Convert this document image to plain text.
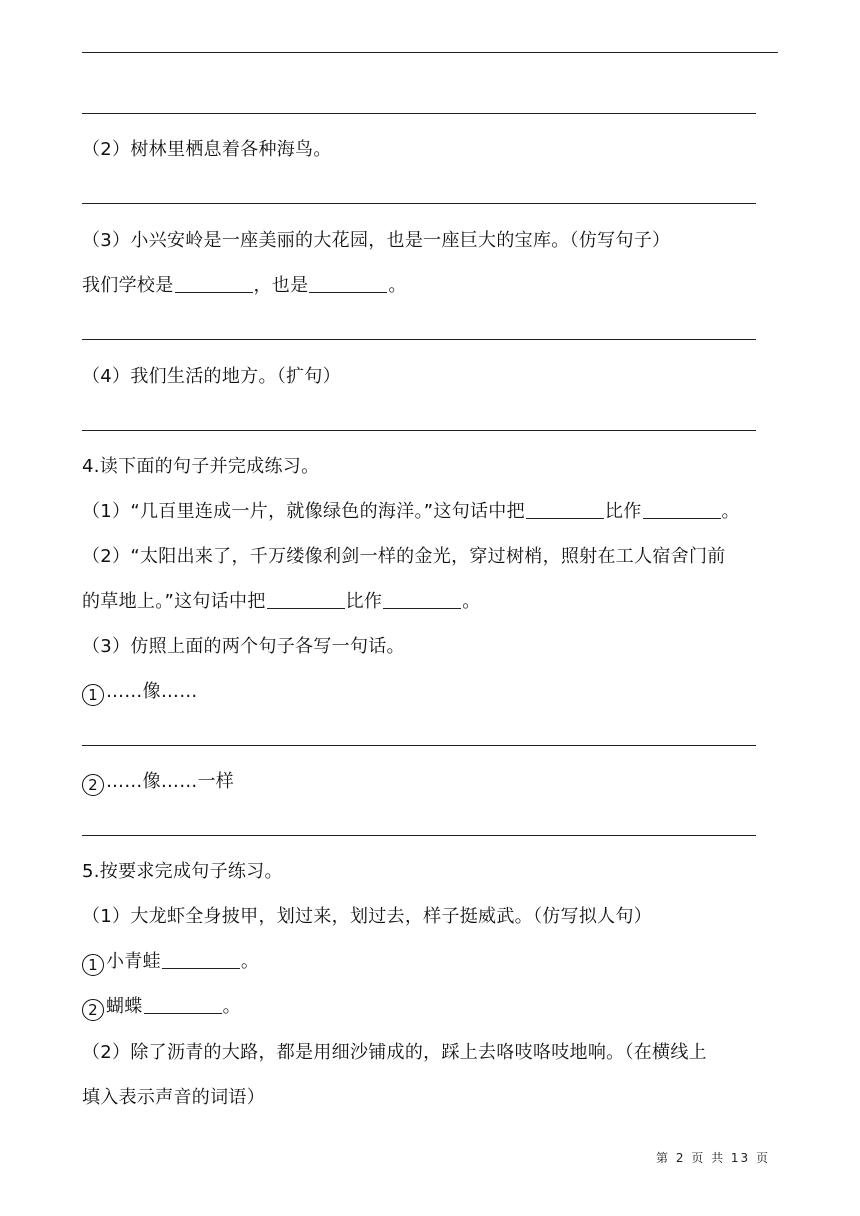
（2）树林里栖息着各种海鸟。
（3）小兴安岭是一座美丽的大花园，也是一座巨大的宝库。（仿写句子）
我们学校是	，也是	。
（4）我们生活的地方。（扩句）
4.读下面的句子并完成练习。
（1）“几百里连成一片，就像绿色的海洋。”这句话中把	比作	。
（2）“太阳出来了，千万缕像利剑一样的金光，穿过树梢，照射在工人宿舍门前
的草地上。”这句话中把	比作	。
（3）仿照上面的两个句子各写一句话。
1 ……像……
2 ……像……一样
5.按要求完成句子练习。
（1）大龙虾全身披甲，划过来，划过去，样子挺威武。（仿写拟人句）
1 小青蛙	。
2 蝴蝶	。
（2）除了沥青的大路，都是用细沙铺成的，踩上去咯吱咯吱地响。（在横线上
填入表示声音的词语）
第 2 页 共 13 页
